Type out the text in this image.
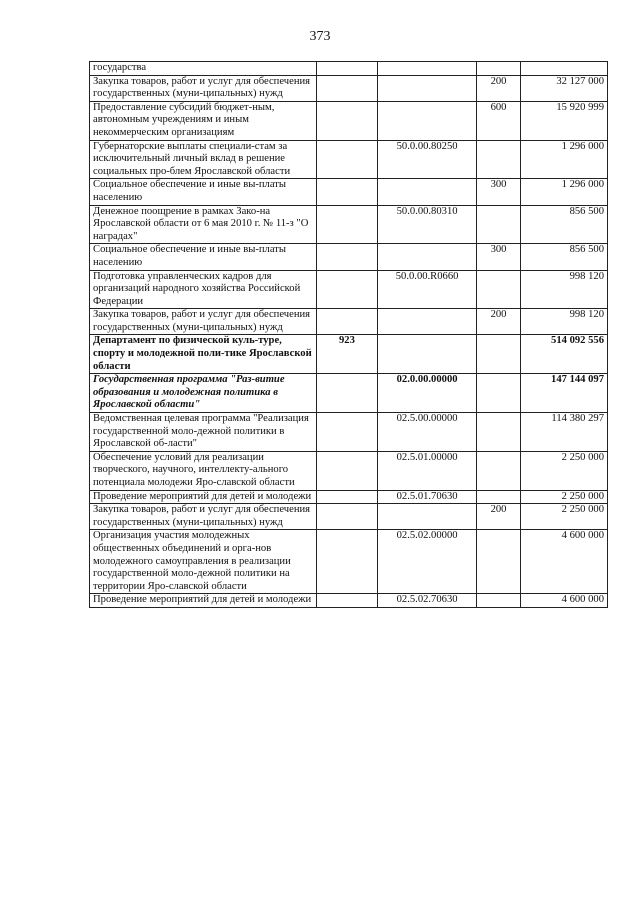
373
государства				
Закупка товаров, работ и услуг для обеспечения государственных (муни-ципальных) нужд			200	32 127 000
Предоставление субсидий бюджет-ным, автономным учреждениям и иным некоммерческим организациям			600	15 920 999
Губернаторские выплаты специали-стам за исключительный личный вклад в решение социальных про-блем Ярославской области		50.0.00.80250		1 296 000
Социальное обеспечение и иные вы-платы населению			300	1 296 000
Денежное поощрение в рамках Зако-на Ярославской области от 6 мая 2010 г. № 11-з "О наградах"		50.0.00.80310		856 500
Социальное обеспечение и иные вы-платы населению			300	856 500
Подготовка управленческих кадров для организаций народного хозяйства Российской Федерации		50.0.00.R0660		998 120
Закупка товаров, работ и услуг для обеспечения государственных (муни-ципальных) нужд			200	998 120
Департамент по физической куль-туре, спорту и молодежной поли-тике Ярославской области	923			514 092 556
Государственная программа "Раз-витие образования и молодежная политика в Ярославской области"		02.0.00.00000		147 144 097
Ведомственная целевая программа "Реализация государственной моло-дежной политики в Ярославской об-ласти"		02.5.00.00000		114 380 297
Обеспечение условий для реализации творческого, научного, интеллекту-ального потенциала молодежи Яро-славской области		02.5.01.00000		2 250 000
Проведение мероприятий для детей и молодежи		02.5.01.70630		2 250 000
Закупка товаров, работ и услуг для обеспечения государственных (муни-ципальных) нужд			200	2 250 000
Организация участия молодежных общественных объединений и орга-нов молодежного самоуправления в реализации государственной моло-дежной политики на территории Яро-славской области		02.5.02.00000		4 600 000
Проведение мероприятий для детей и молодежи		02.5.02.70630		4 600 000
